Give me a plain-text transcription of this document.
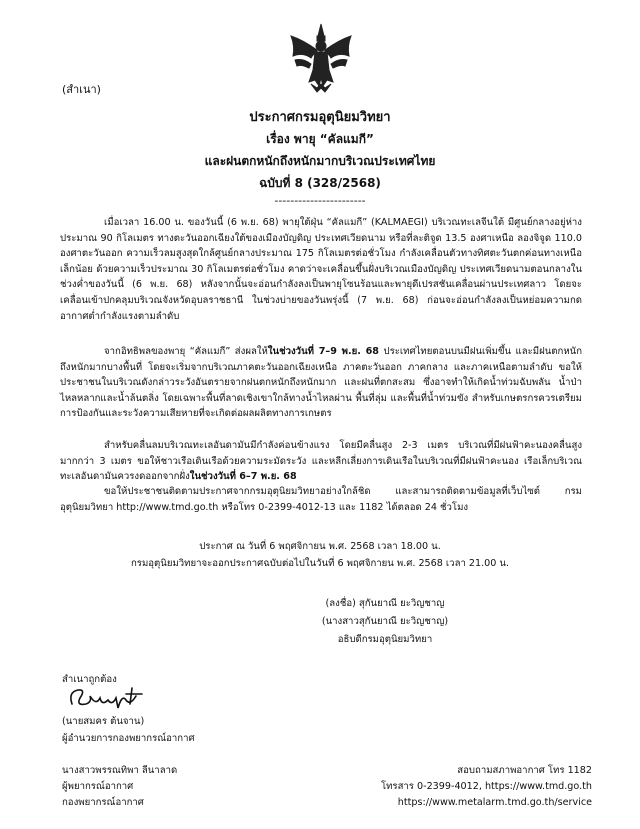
(สำเนา)
ประกาศกรมอุตุนิยมวิทยา
เรื่อง พายุ “คัลแมกี”
และฝนตกหนักถึงหนักมากบริเวณประเทศไทย
ฉบับที่ 8 (328/2568)
-----------------------

เมื่อเวลา 16.00 น. ของวันนี้ (6 พ.ย. 68) พายุใต้ฝุ่น “คัลแมกี” (KALMAEGI) บริเวณทะเลจีนใต้ มีศูนย์กลางอยู่ห่างประมาณ 90 กิโลเมตร ทางตะวันออกเฉียงใต้ของเมืองบัญดิญ ประเทศเวียดนาม หรือที่ละติจูด 13.5 องศาเหนือ ลองจิจูด 110.0 องศาตะวันออก ความเร็วลมสูงสุดใกล้ศูนย์กลางประมาณ 175 กิโลเมตรต่อชั่วโมง กำลังเคลื่อนตัวทางทิศตะวันตกค่อนทางเหนือเล็กน้อย ด้วยความเร็วประมาณ 30 กิโลเมตรต่อชั่วโมง คาดว่าจะเคลื่อนขึ้นฝั่งบริเวณเมืองบัญดิญ ประเทศเวียดนามตอนกลางในช่วงค่ำของวันนี้ (6 พ.ย. 68) หลังจากนั้นจะอ่อนกำลังลงเป็นพายุโซนร้อนและพายุดีเปรสชันเคลื่อนผ่านประเทศลาว โดยจะเคลื่อนเข้าปกคลุมบริเวณจังหวัดอุบลราชธานี ในช่วงบ่ายของวันพรุ่งนี้ (7 พ.ย. 68) ก่อนจะอ่อนกำลังลงเป็นหย่อมความกดอากาศต่ำกำลังแรงตามลำดับ

จากอิทธิพลของพายุ “คัลแมกี” ส่งผลให้ในช่วงวันที่ 7–9 พ.ย. 68 ประเทศไทยตอนบนมีฝนเพิ่มขึ้น และมีฝนตกหนักถึงหนักมากบางพื้นที่ โดยจะเริ่มจากบริเวณภาคตะวันออกเฉียงเหนือ ภาคตะวันออก ภาคกลาง และภาคเหนือตามลำดับ ขอให้ประชาชนในบริเวณดังกล่าวระวังอันตรายจากฝนตกหนักถึงหนักมาก และฝนที่ตกสะสม ซึ่งอาจทำให้เกิดน้ำท่วมฉับพลัน น้ำป่าไหลหลากและน้ำล้นตลิ่ง โดยเฉพาะพื้นที่ลาดเชิงเขาใกล้ทางน้ำไหลผ่าน พื้นที่ลุ่ม และพื้นที่น้ำท่วมขัง สำหรับเกษตรกรควรเตรียมการป้องกันและระวังความเสียหายที่จะเกิดต่อผลผลิตทางการเกษตร

สำหรับคลื่นลมบริเวณทะเลอันดามันมีกำลังค่อนข้างแรง โดยมีคลื่นสูง 2-3 เมตร บริเวณที่มีฝนฟ้าคะนองคลื่นสูงมากกว่า 3 เมตร ขอให้ชาวเรือเดินเรือด้วยความระมัดระวัง และหลีกเลี่ยงการเดินเรือในบริเวณที่มีฝนฟ้าคะนอง เรือเล็กบริเวณทะเลอันดามันควรงดออกจากฝั่งในช่วงวันที่ 6–7 พ.ย. 68

ขอให้ประชาชนติดตามประกาศจากกรมอุตุนิยมวิทยาอย่างใกล้ชิด และสามารถติดตามข้อมูลที่เว็บไซต์ กรมอุตุนิยมวิทยา http://www.tmd.go.th หรือโทร 0-2399-4012-13 และ 1182 ได้ตลอด 24 ชั่วโมง

ประกาศ ณ วันที่ 6 พฤศจิกายน พ.ศ. 2568 เวลา 18.00 น.
กรมอุตุนิยมวิทยาจะออกประกาศฉบับต่อไปในวันที่ 6 พฤศจิกายน พ.ศ. 2568 เวลา 21.00 น.
(ลงชื่อ) สุกันยาณี ยะวิญชาญ
(นางสาวสุกันยาณี ยะวิญชาญ)
อธิบดีกรมอุตุนิยมวิทยา
สำเนาถูกต้อง
(นายสมคร ต้นจาน)
ผู้อำนวยการกองพยากรณ์อากาศ
นางสาวพรรณทิพา ลีนาลาด
ผู้พยากรณ์อากาศ
กองพยากรณ์อากาศ
สอบถามสภาพอากาศ โทร 1182
โทรสาร 0-2399-4012, https://www.tmd.go.th
https://www.metalarm.tmd.go.th/service
